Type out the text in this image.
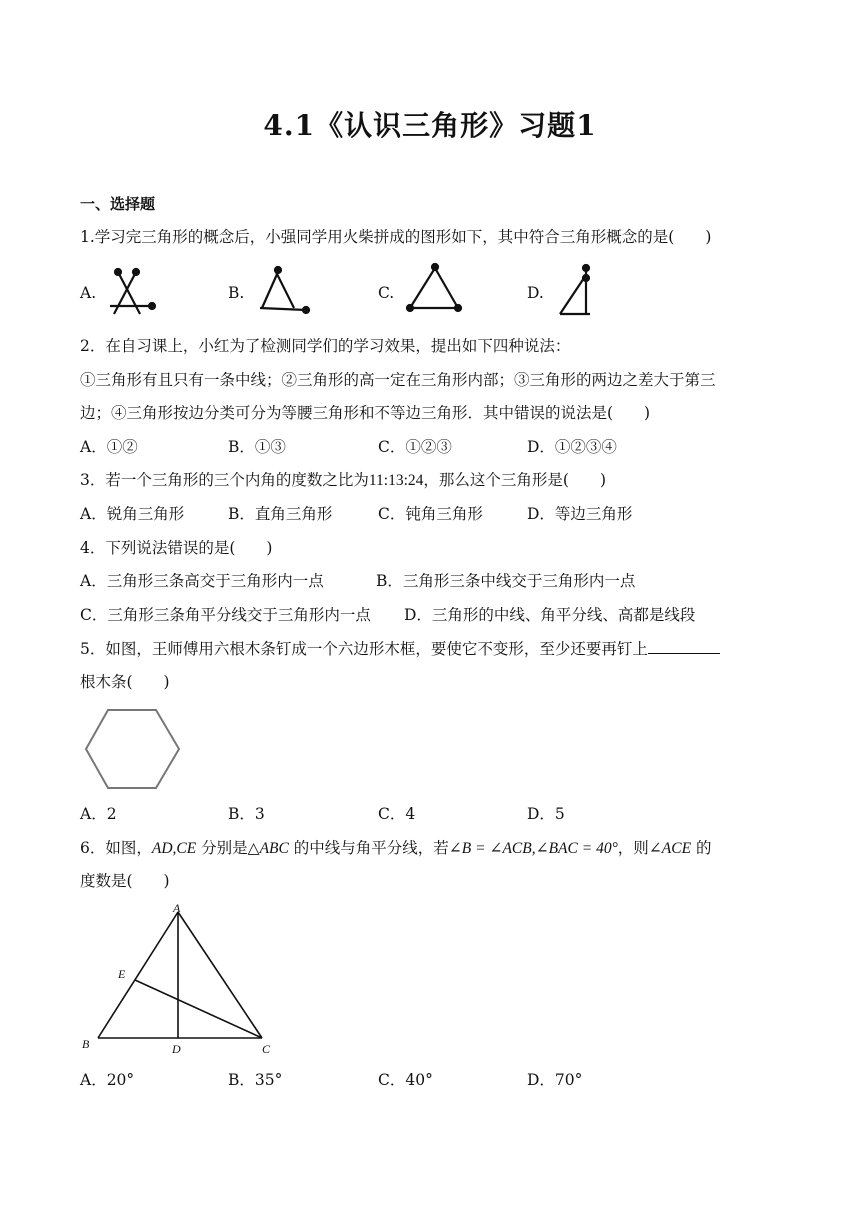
4.1《认识三角形》习题1
一、选择题
1.学习完三角形的概念后，小强同学用火柴拼成的图形如下，其中符合三角形概念的是(　　)
A.	B.	C.	D.
2．在自习课上，小红为了检测同学们的学习效果，提出如下四种说法：
①三角形有且只有一条中线；②三角形的高一定在三角形内部；③三角形的两边之差大于第三
边；④三角形按边分类可分为等腰三角形和不等边三角形．其中错误的说法是(　　)
A．①②	B．①③	C．①②③	D．①②③④
3．若一个三角形的三个内角的度数之比为11:13:24，那么这个三角形是(　　)
A．锐角三角形	B．直角三角形	C．钝角三角形	D．等边三角形
4．下列说法错误的是(　　)
A．三角形三条高交于三角形内一点	B．三角形三条中线交于三角形内一点
C．三角形三条角平分线交于三角形内一点 D．三角形的中线、角平分线、高都是线段
5．如图，王师傅用六根木条钉成一个六边形木框，要使它不变形，至少还要再钉上
根木条(　　)
A．2	B．3	C．4	D．5
6．如图，AD,CE 分别是△ABC 的中线与角平分线，若∠B = ∠ACB,∠BAC = 40°，则∠ACE 的
度数是(　　)
A
B	C
D
E
A．20°	B．35°	C．40°	D．70°
